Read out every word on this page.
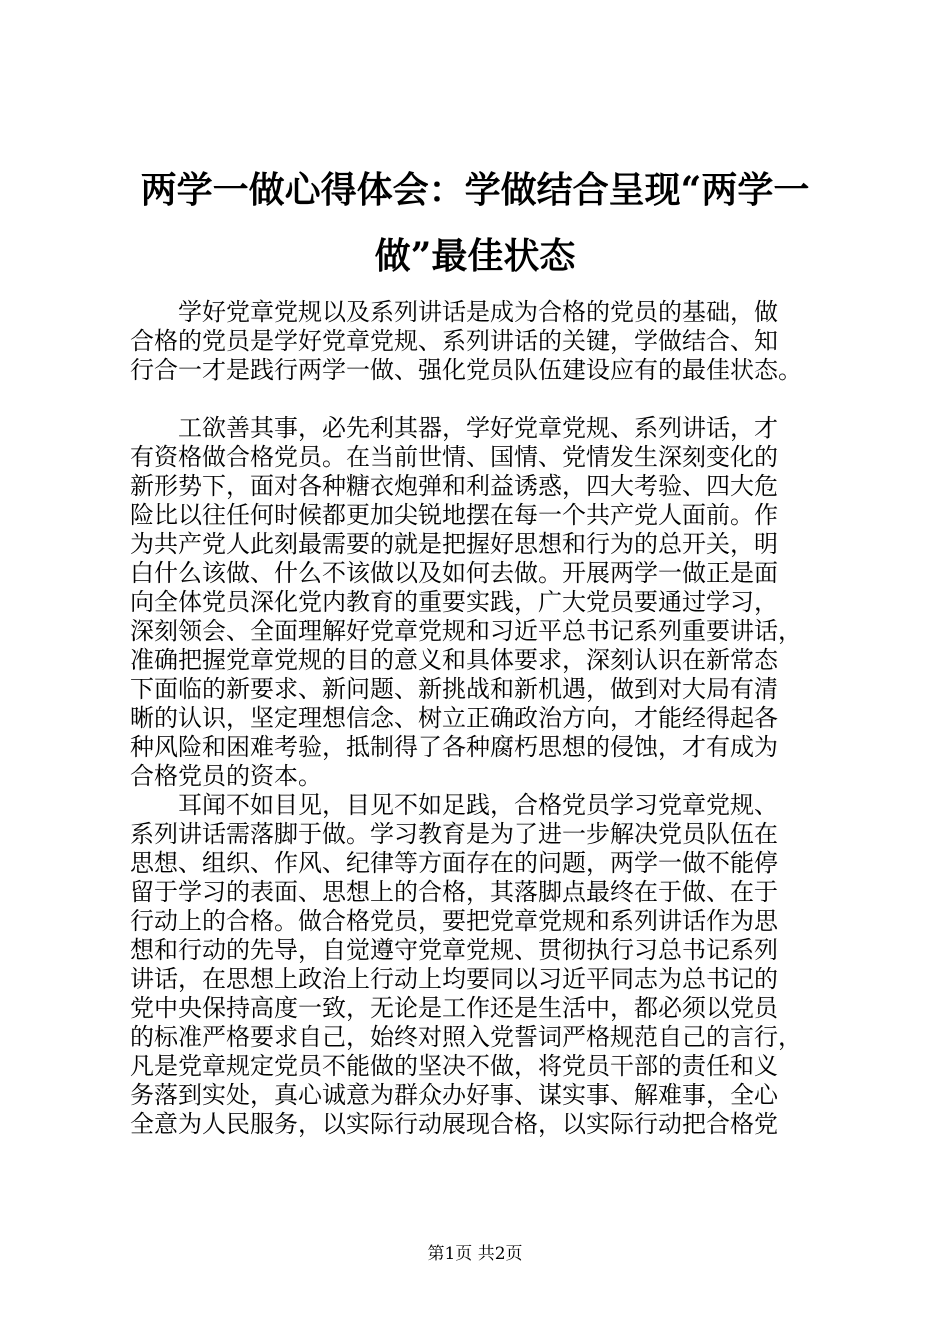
两学一做心得体会：学做结合呈现“两学一
做”最佳状态

学好党章党规以及系列讲话是成为合格的党员的基础，做
合格的党员是学好党章党规、系列讲话的关键，学做结合、知
行合一才是践行两学一做、强化党员队伍建设应有的最佳状态。

工欲善其事，必先利其器，学好党章党规、系列讲话，才
有资格做合格党员。在当前世情、国情、党情发生深刻变化的
新形势下，面对各种糖衣炮弹和利益诱惑，四大考验、四大危
险比以往任何时候都更加尖锐地摆在每一个共产党人面前。作
为共产党人此刻最需要的就是把握好思想和行为的总开关，明
白什么该做、什么不该做以及如何去做。开展两学一做正是面
向全体党员深化党内教育的重要实践，广大党员要通过学习，
深刻领会、全面理解好党章党规和习近平总书记系列重要讲话，
准确把握党章党规的目的意义和具体要求，深刻认识在新常态
下面临的新要求、新问题、新挑战和新机遇，做到对大局有清
晰的认识，坚定理想信念、树立正确政治方向，才能经得起各
种风险和困难考验，抵制得了各种腐朽思想的侵蚀，才有成为
合格党员的资本。

耳闻不如目见，目见不如足践，合格党员学习党章党规、
系列讲话需落脚于做。学习教育是为了进一步解决党员队伍在
思想、组织、作风、纪律等方面存在的问题，两学一做不能停
留于学习的表面、思想上的合格，其落脚点最终在于做、在于
行动上的合格。做合格党员，要把党章党规和系列讲话作为思
想和行动的先导，自觉遵守党章党规、贯彻执行习总书记系列
讲话，在思想上政治上行动上均要同以习近平同志为总书记的
党中央保持高度一致，无论是工作还是生活中，都必须以党员
的标准严格要求自己，始终对照入党誓词严格规范自己的言行，
凡是党章规定党员不能做的坚决不做，将党员干部的责任和义
务落到实处，真心诚意为群众办好事、谋实事、解难事，全心
全意为人民服务，以实际行动展现合格，以实际行动把合格党

第1页 共2页
